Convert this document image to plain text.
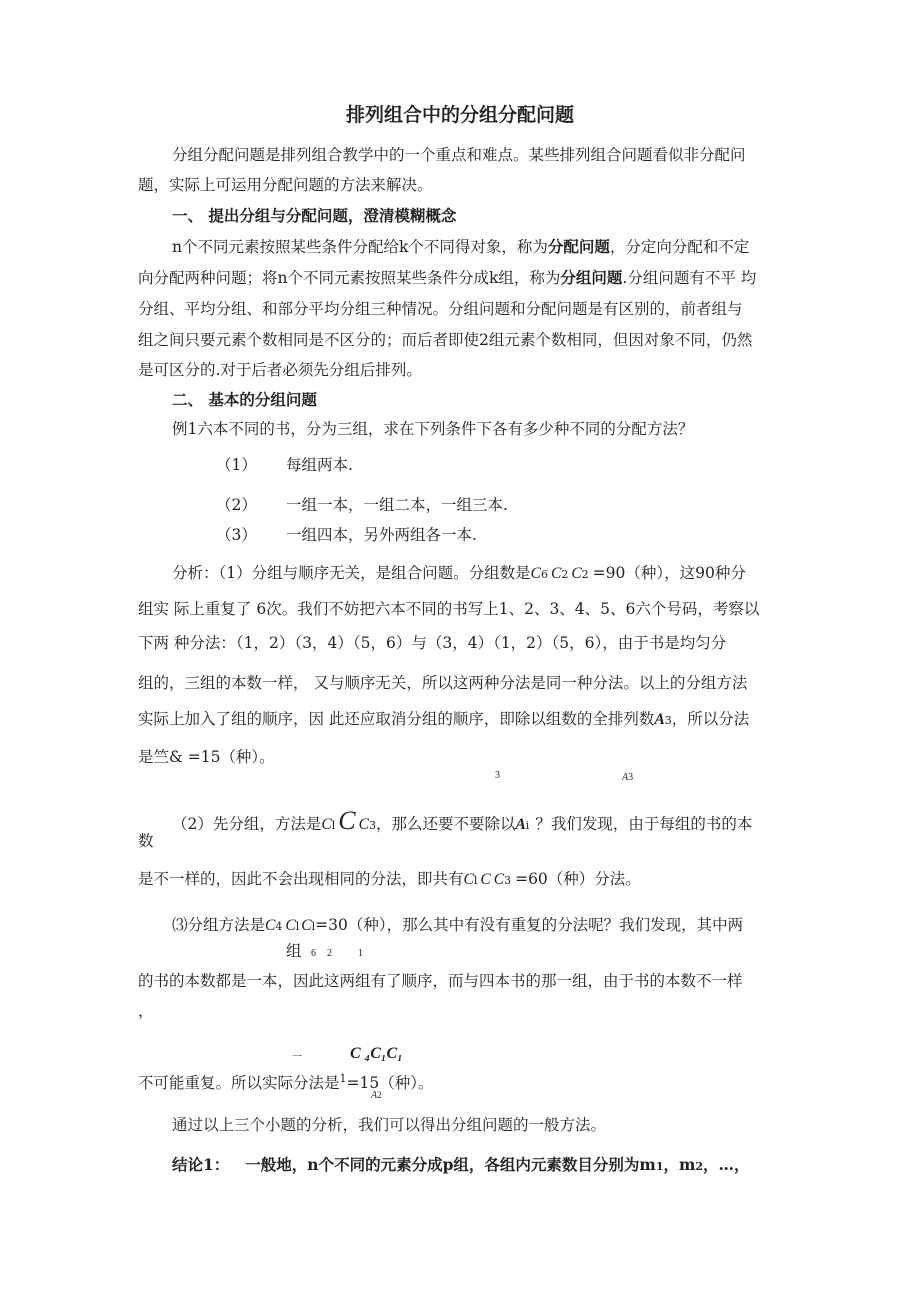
排列组合中的分组分配问题
分组分配问题是排列组合教学中的一个重点和难点。某些排列组合问题看似非分配问
题，实际上可运用分配问题的方法来解决。
一、 提出分组与分配问题，澄清模糊概念
n个不同元素按照某些条件分配给k个不同得对象，称为分配问题，分定向分配和不定
向分配两种问题；将n个不同元素按照某些条件分成k组，称为分组问题.分组问题有不平 均
分组、平均分组、和部分平均分组三种情况。分组问题和分配问题是有区别的，前者组与
组之间只要元素个数相同是不区分的；而后者即使2组元素个数相同，但因对象不同，仍然
是可区分的.对于后者必须先分组后排列。
二、 基本的分组问题
例1六本不同的书，分为三组，求在下列条件下各有多少种不同的分配方法？
（1） 每组两本.
（2） 一组一本，一组二本，一组三本.
（3） 一组四本，另外两组各一本.
分析：（1）分组与顺序无关，是组合问题。分组数是C6 C2 C2 =90（种），这90种分
组实 际上重复了 6次。我们不妨把六本不同的书写上1、2、3、4、5、6六个号码，考察以
下两 种分法：（1，2）（3，4）（5，6）与（3，4）（1，2）（5，6），由于书是均匀分
组的，三组的本数一样， 又与顺序无关，所以这两种分法是同一种分法。以上的分组方法
实际上加入了组的顺序，因 此还应取消分组的顺序，即除以组数的全排列数A3，所以分法
是竺& =15（种）。
3	A3
（2）先分组，方法是Cl C C3，那么还要不要除以Ai ？我们发现，由于每组的书的本
数
是不一样的，因此不会出现相同的分法，即共有Cl C C3 =60（种）分法。
⑶分组方法是C4 Cl Cl=30（种），那么其中有没有重复的分法呢？我们发现，其中两
组 6 2	1
的书的本数都是一本，因此这两组有了顺序，而与四本书的那一组，由于书的本数不一样
，
一	C ₄C₁C₁
不可能重复。所以实际分法是$^1$=15（种）。
A2
通过以上三个小题的分析，我们可以得出分组问题的一般方法。
结论1： 一般地，n个不同的元素分成p组，各组内元素数目分别为m1，m2，…，
